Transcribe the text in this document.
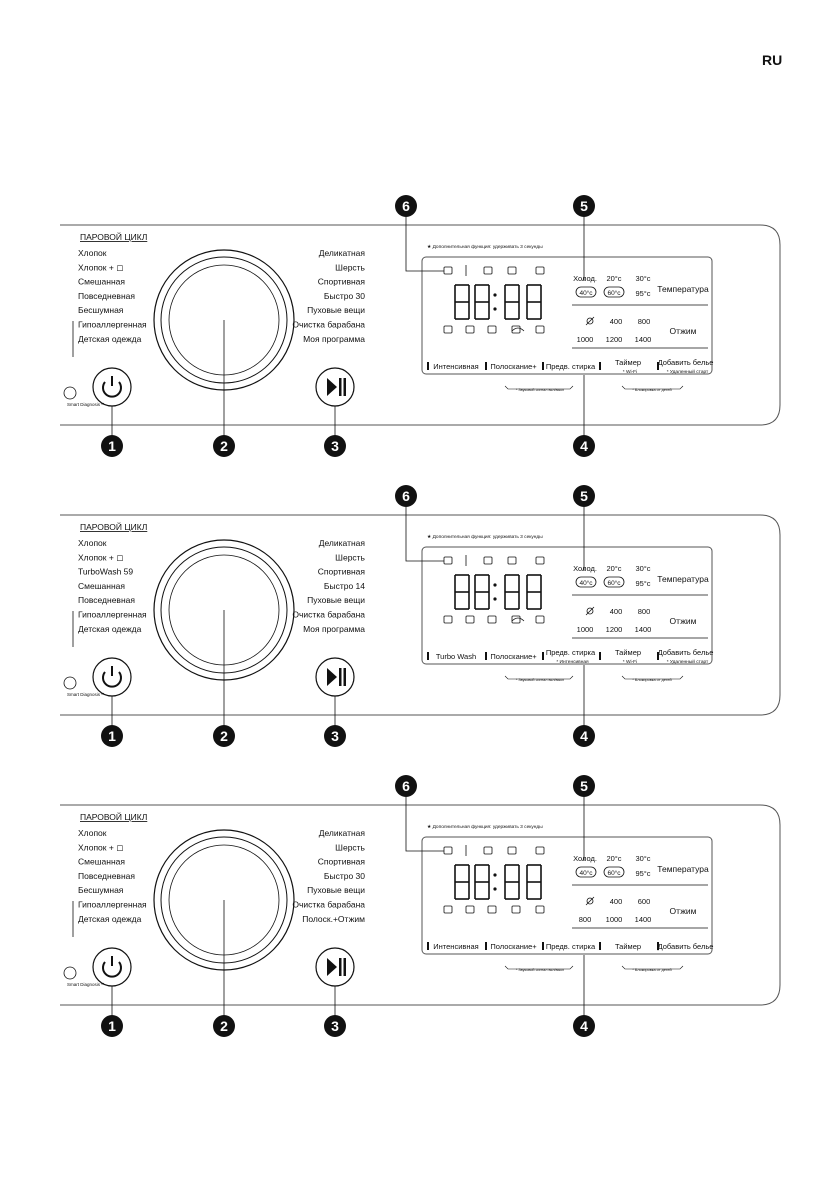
RU
ПАРОВОЙ ЦИКЛ
Хлопок
Хлопок + ◻
Смешанная
Повседневная
Бесшумная
Гипоаллергенная
Детская одежда
Деликатная
Шерсть
Спортивная
Быстро 30
Пуховые вещи
Очистка барабана
Моя программа
Smart Diagnosis™
★ Дополнительная функция: удерживать 3 секунды
Холод. 20°c 30°c
40°c 60°c 95°c Температура
400 800
1000 1200 1400
Отжим
Интенсивная Полоскание+ Предв. стирка	Таймер
* Wi-Fi
Добавить белье
* Удаленный старт
* Звуковой сигнал вкл/выкл	* Блокировка от детей
6	5
1	2	3	4
ПАРОВОЙ ЦИКЛ
Хлопок
Хлопок + ◻
TurboWash 59
Смешанная
Повседневная
Гипоаллергенная
Детская одежда
Деликатная
Шерсть
Спортивная
Быстро 14
Пуховые вещи
Очистка барабана
Моя программа
Smart Diagnosis™
★ Дополнительная функция: удерживать 3 секунды
Холод. 20°c 30°c
40°c 60°c 95°c Температура
400 800
1000 1200 1400
Отжим
Turbo Wash Полоскание+ Предв. стирка
* Интенсивная
Таймер
* Wi-Fi
Добавить белье
* Удаленный старт
* Звуковой сигнал вкл/выкл	* Блокировка от детей
6	5
1	2	3	4
ПАРОВОЙ ЦИКЛ
Хлопок
Хлопок + ◻
Смешанная
Повседневная
Бесшумная
Гипоаллергенная
Детская одежда
Деликатная
Шерсть
Спортивная
Быстро 30
Пуховые вещи
Очистка барабана
Полоск.+Отжим
Smart Diagnosis™
★ Дополнительная функция: удерживать 3 секунды
Холод. 20°c 30°c
40°c 60°c 95°c Температура
400 600
800 1000 1400
Отжим
Интенсивная Полоскание+ Предв. стирка	Таймер Добавить белье
* Звуковой сигнал вкл/выкл	* Блокировка от детей
6	5
1	2	3	4
